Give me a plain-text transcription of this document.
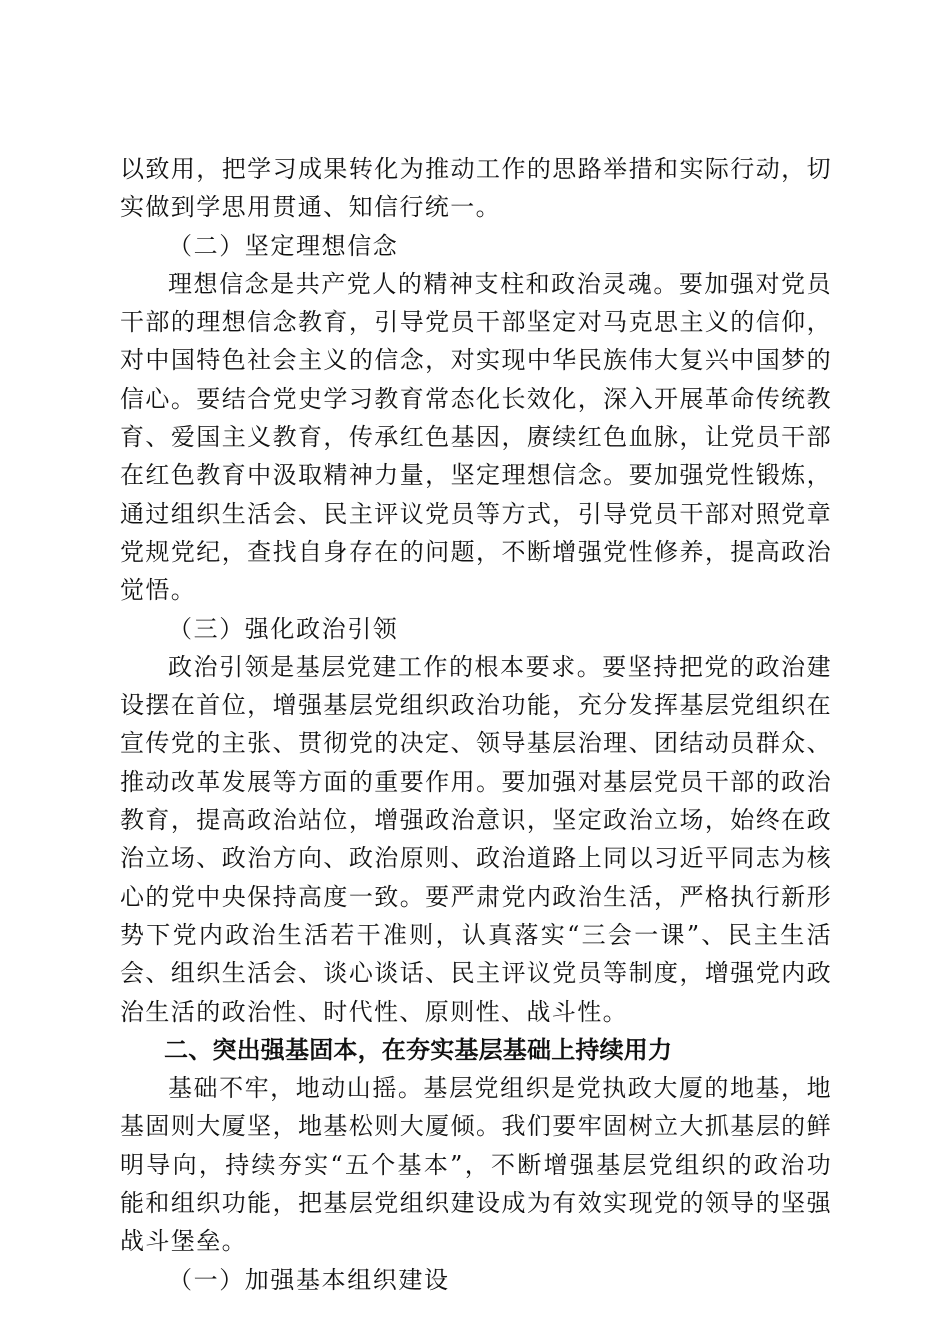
以致用，把学习成果转化为推动工作的思路举措和实际行动，切实做到学思用贯通、知信行统一。

（二）坚定理想信念

理想信念是共产党人的精神支柱和政治灵魂。要加强对党员干部的理想信念教育，引导党员干部坚定对马克思主义的信仰，对中国特色社会主义的信念，对实现中华民族伟大复兴中国梦的信心。要结合党史学习教育常态化长效化，深入开展革命传统教育、爱国主义教育，传承红色基因，赓续红色血脉，让党员干部在红色教育中汲取精神力量，坚定理想信念。要加强党性锻炼，通过组织生活会、民主评议党员等方式，引导党员干部对照党章党规党纪，查找自身存在的问题，不断增强党性修养，提高政治觉悟。

（三）强化政治引领

政治引领是基层党建工作的根本要求。要坚持把党的政治建设摆在首位，增强基层党组织政治功能，充分发挥基层党组织在宣传党的主张、贯彻党的决定、领导基层治理、团结动员群众、推动改革发展等方面的重要作用。要加强对基层党员干部的政治教育，提高政治站位，增强政治意识，坚定政治立场，始终在政治立场、政治方向、政治原则、政治道路上同以习近平同志为核心的党中央保持高度一致。要严肃党内政治生活，严格执行新形势下党内政治生活若干准则，认真落实“三会一课”、民主生活会、组织生活会、谈心谈话、民主评议党员等制度，增强党内政治生活的政治性、时代性、原则性、战斗性。

二、突出强基固本，在夯实基层基础上持续用力

基础不牢，地动山摇。基层党组织是党执政大厦的地基，地基固则大厦坚，地基松则大厦倾。我们要牢固树立大抓基层的鲜明导向，持续夯实“五个基本”，不断增强基层党组织的政治功能和组织功能，把基层党组织建设成为有效实现党的领导的坚强战斗堡垒。

（一）加强基本组织建设
